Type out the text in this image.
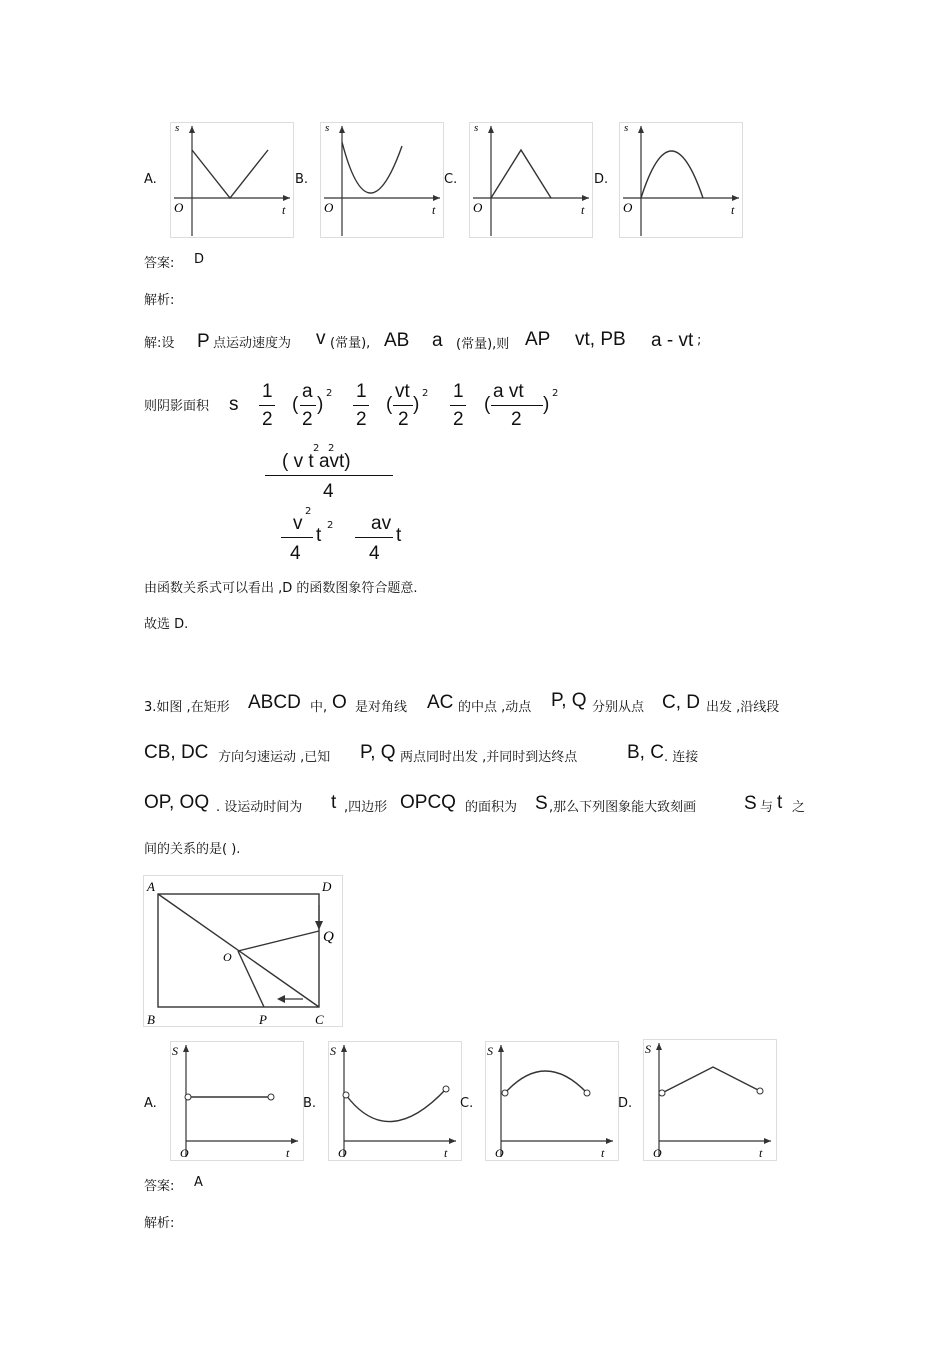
A.
s
t
O
B.
s
t
O
C.
s
t
O
D.
s
t
O
答案: D
解析:
解:设 P 点运动速度为 v (常量), AB a (常量),则 AP vt, PB a - vt ;
则阴影面积 s
1
2
(
a
2
)
2 1
2
(
vt
2
)
2 1
2
(
a vt
2
)
2
( v t avt)
2 2
4
v
2
4
t 2 av
4
t
由函数关系式可以看出 ,D 的函数图象符合题意.
故选 D.
3.如图 ,在矩形 ABCD 中, O 是对角线 AC 的中点 ,动点 P, Q 分别从点 C, D 出发 ,沿线段
CB, DC 方向匀速运动 ,已知 P, Q 两点同时出发 ,并同时到达终点	B, C . 连接
OP, OQ . 设运动时间为 t ,四边形 OPCQ 的面积为 S ,那么下列图象能大致刻画	S 与 t 之
间的关系的是( ).
A	D
Q
O
B	P	C
A.
S
t
O
B.
S
t
O
C.
S
t
O
D.
S
t
O
答案: A
解析:
